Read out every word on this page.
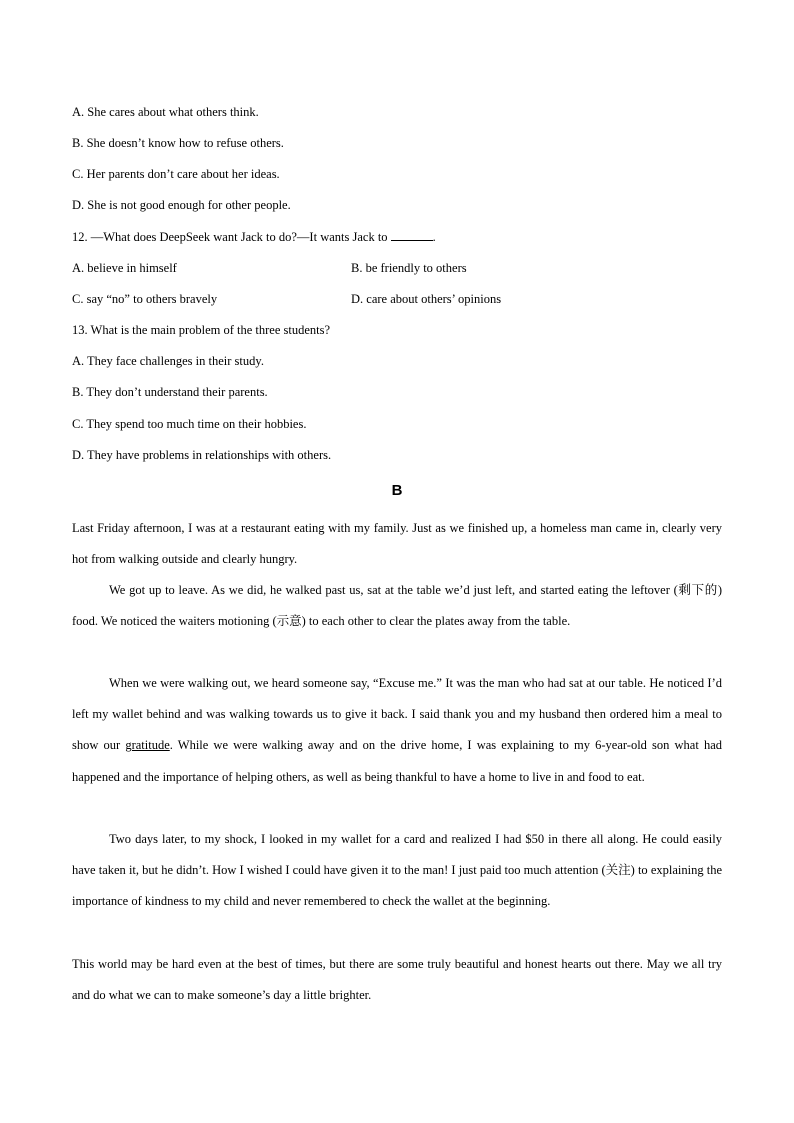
A. She cares about what others think.
B. She doesn’t know how to refuse others.
C. Her parents don’t care about her ideas.
D. She is not good enough for other people.
12. —What does DeepSeek want Jack to do?—It wants Jack to	.
A. believe in himself	B. be friendly to others
C. say “no” to others bravely	D. care about others’ opinions
13. What is the main problem of the three students?
A. They face challenges in their study.
B. They don’t understand their parents.
C. They spend too much time on their hobbies.
D. They have problems in relationships with others.
B
Last Friday afternoon, I was at a restaurant eating with my family. Just as we finished up, a homeless man came in, clearly very hot from walking outside and clearly hungry.
We got up to leave. As we did, he walked past us, sat at the table we’d just left, and started eating the leftover (剩下的) food. We noticed the waiters motioning (示意) to each other to clear the plates away from the table.
When we were walking out, we heard someone say, “Excuse me.” It was the man who had sat at our table. He noticed I’d left my wallet behind and was walking towards us to give it back. I said thank you and my husband then ordered him a meal to show our gratitude. While we were walking away and on the drive home, I was explaining to my 6-year-old son what had happened and the importance of helping others, as well as being thankful to have a home to live in and food to eat.
Two days later, to my shock, I looked in my wallet for a card and realized I had $50 in there all along. He could easily have taken it, but he didn’t. How I wished I could have given it to the man! I just paid too much attention (关注) to explaining the importance of kindness to my child and never remembered to check the wallet at the beginning.
This world may be hard even at the best of times, but there are some truly beautiful and honest hearts out there. May we all try and do what we can to make someone’s day a little brighter.
